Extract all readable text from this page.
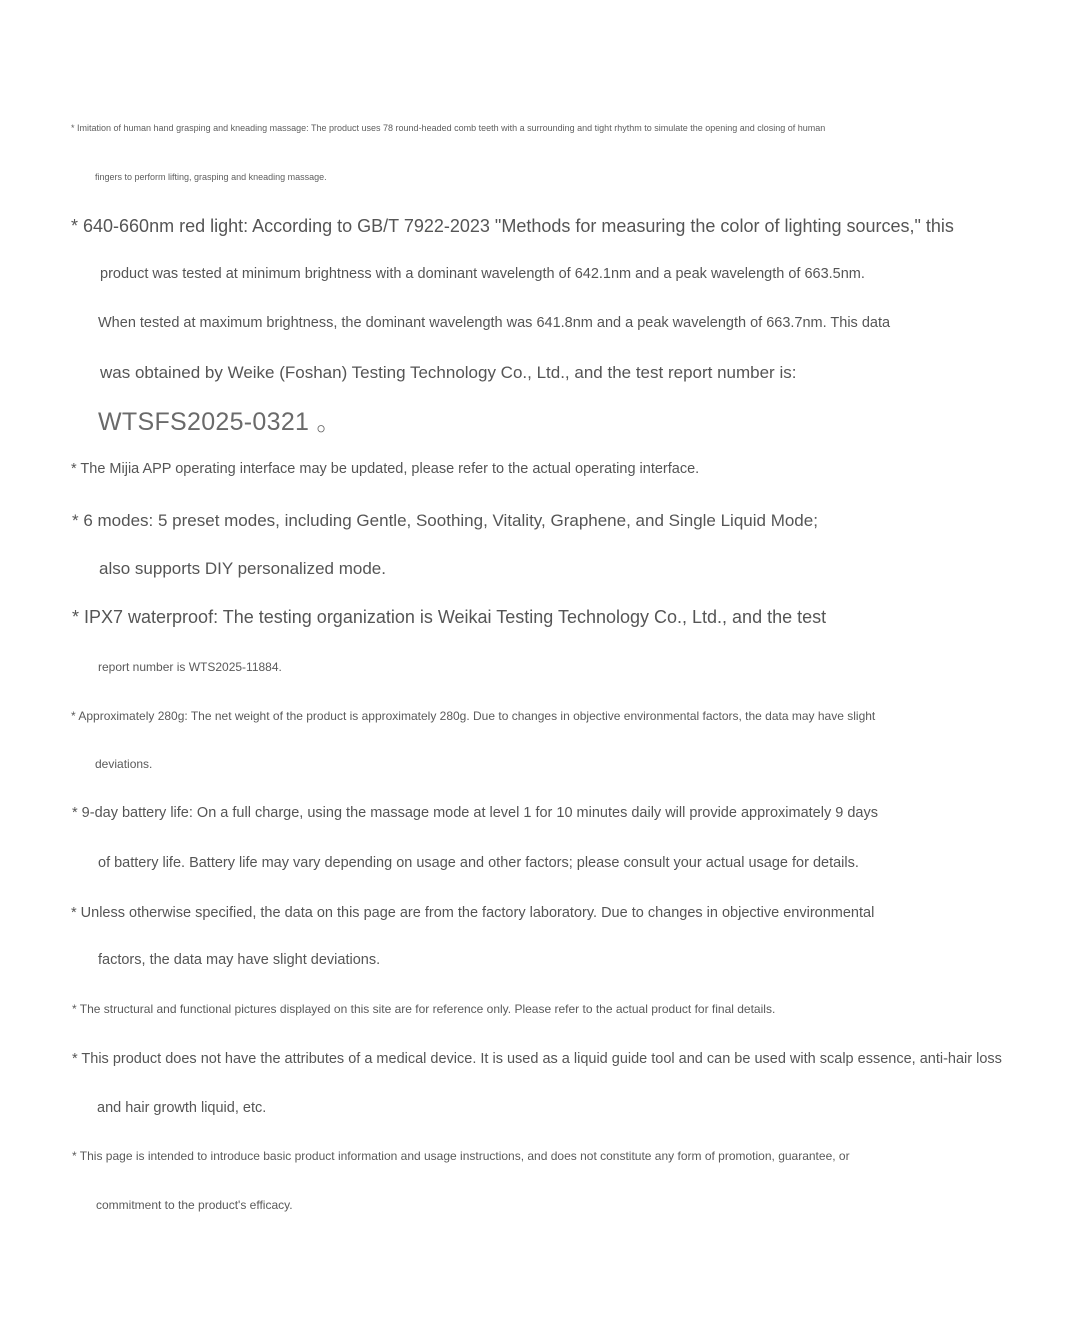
* Imitation of human hand grasping and kneading massage: The product uses 78 round-headed comb teeth with a surrounding and tight rhythm to simulate the opening and closing of human
fingers to perform lifting, grasping and kneading massage.
* 640-660nm red light: According to GB/T 7922-2023 "Methods for measuring the color of lighting sources," this
product was tested at minimum brightness with a dominant wavelength of 642.1nm and a peak wavelength of 663.5nm.
When tested at maximum brightness, the dominant wavelength was 641.8nm and a peak wavelength of 663.7nm. This data
was obtained by Weike (Foshan) Testing Technology Co., Ltd., and the test report number is:
WTSFS2025-0321 。
* The Mijia APP operating interface may be updated, please refer to the actual operating interface.
* 6 modes: 5 preset modes, including Gentle, Soothing, Vitality, Graphene, and Single Liquid Mode;
also supports DIY personalized mode.
* IPX7 waterproof: The testing organization is Weikai Testing Technology Co., Ltd., and the test
report number is WTS2025-11884.
* Approximately 280g: The net weight of the product is approximately 280g. Due to changes in objective environmental factors, the data may have slight
deviations.
* 9-day battery life: On a full charge, using the massage mode at level 1 for 10 minutes daily will provide approximately 9 days
of battery life. Battery life may vary depending on usage and other factors; please consult your actual usage for details.
* Unless otherwise specified, the data on this page are from the factory laboratory. Due to changes in objective environmental
factors, the data may have slight deviations.
* The structural and functional pictures displayed on this site are for reference only. Please refer to the actual product for final details.
* This product does not have the attributes of a medical device. It is used as a liquid guide tool and can be used with scalp essence, anti-hair loss
and hair growth liquid, etc.
* This page is intended to introduce basic product information and usage instructions, and does not constitute any form of promotion, guarantee, or
commitment to the product's efficacy.
